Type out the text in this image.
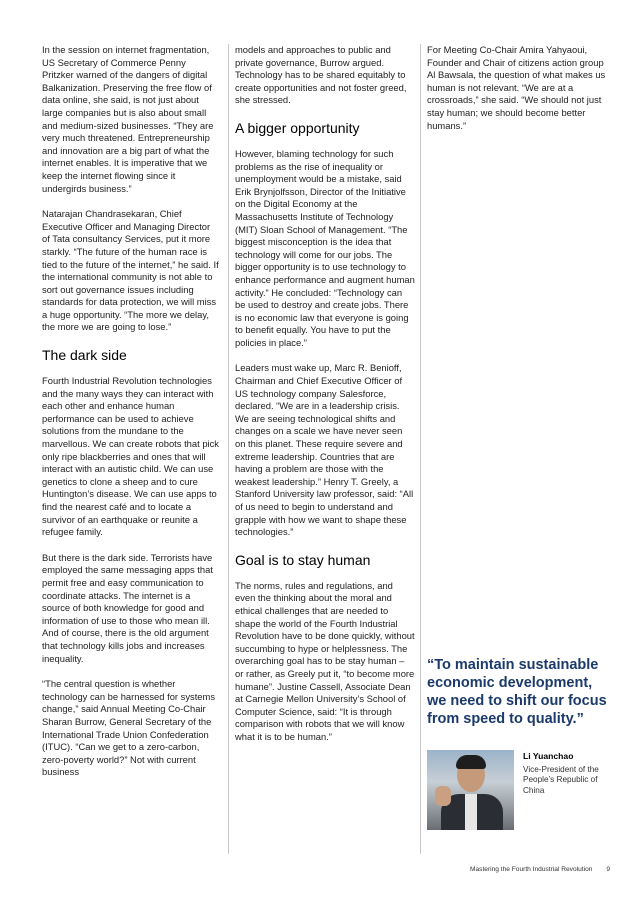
In the session on internet fragmentation, US Secretary of Commerce Penny Pritzker warned of the dangers of digital Balkanization. Preserving the free flow of data online, she said, is not just about large companies but is also about small and medium-sized businesses. “They are very much threatened. Entrepreneurship and innovation are a big part of what the internet enables. It is imperative that we keep the internet flowing since it undergirds business.”

Natarajan Chandrasekaran, Chief Executive Officer and Managing Director of Tata consultancy Services, put it more starkly. “The future of the human race is tied to the future of the internet,” he said. If the international community is not able to sort out governance issues including standards for data protection, we will miss a huge opportunity. “The more we delay, the more we are going to lose.”

The dark side

Fourth Industrial Revolution technologies and the many ways they can interact with each other and enhance human performance can be used to achieve solutions from the mundane to the marvellous. We can create robots that pick only ripe blackberries and ones that will interact with an autistic child. We can use genetics to clone a sheep and to cure Huntington’s disease. We can use apps to find the nearest café and to locate a survivor of an earthquake or reunite a refugee family.

But there is the dark side. Terrorists have employed the same messaging apps that permit free and easy communication to coordinate attacks. The internet is a source of both knowledge for good and information of use to those who mean ill. And of course, there is the old argument that technology kills jobs and increases inequality.

“The central question is whether technology can be harnessed for systems change,” said Annual Meeting Co-Chair Sharan Burrow, General Secretary of the International Trade Union Confederation (ITUC). “Can we get to a zero-carbon, zero-poverty world?” Not with current business

models and approaches to public and private governance, Burrow argued. Technology has to be shared equitably to create opportunities and not foster greed, she stressed.

A bigger opportunity

However, blaming technology for such problems as the rise of inequality or unemployment would be a mistake, said Erik Brynjolfsson, Director of the Initiative on the Digital Economy at the Massachusetts Institute of Technology (MIT) Sloan School of Management. “The biggest misconception is the idea that technology will come for our jobs. The bigger opportunity is to use technology to enhance performance and augment human activity.” He concluded: “Technology can be used to destroy and create jobs. There is no economic law that everyone is going to benefit equally. You have to put the policies in place.”

Leaders must wake up, Marc R. Benioff, Chairman and Chief Executive Officer of US technology company Salesforce, declared. “We are in a leadership crisis. We are seeing technological shifts and changes on a scale we have never seen on this planet. These require severe and extreme leadership. Countries that are having a problem are those with the weakest leadership.” Henry T. Greely, a Stanford University law professor, said: “All of us need to begin to understand and grapple with how we want to shape these technologies.”

Goal is to stay human

The norms, rules and regulations, and even the thinking about the moral and ethical challenges that are needed to shape the world of the Fourth Industrial Revolution have to be done quickly, without succumbing to hype or helplessness. The overarching goal has to be stay human – or rather, as Greely put it, “to become more humane”. Justine Cassell, Associate Dean at Carnegie Mellon University’s School of Computer Science, said: “It is through comparison with robots that we will know what it is to be human.”

For Meeting Co-Chair Amira Yahyaoui, Founder and Chair of citizens action group Al Bawsala, the question of what makes us human is not relevant. “We are at a crossroads,” she said. “We should not just stay human; we should become better humans.”

“To maintain sustainable economic development, we need to shift our focus from speed to quality.”

Li Yuanchao

Vice-President of the People’s Republic of China

Mastering the Fourth Industrial Revolution 9
